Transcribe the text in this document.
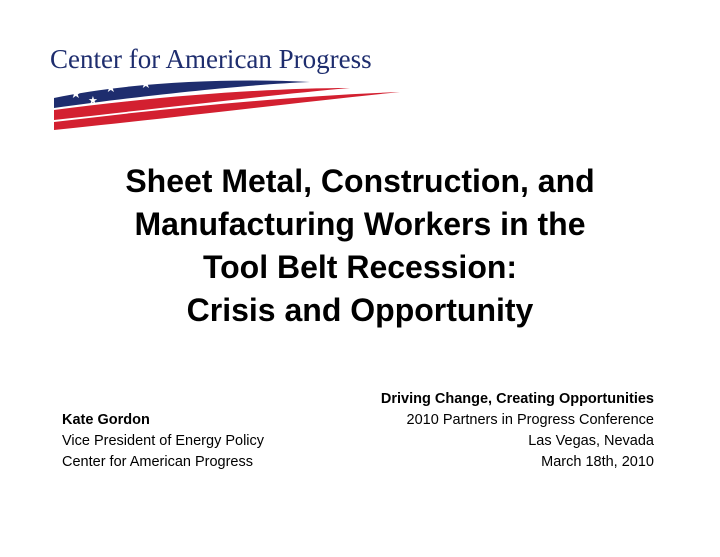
Center for American Progress
★ ★ ★
★
Sheet Metal, Construction, and
Manufacturing Workers in the
Tool Belt Recession:
Crisis and Opportunity
Kate Gordon
Vice President of Energy Policy
Center for American Progress
Driving Change, Creating Opportunities
2010 Partners in Progress Conference
Las Vegas, Nevada
March 18th, 2010
